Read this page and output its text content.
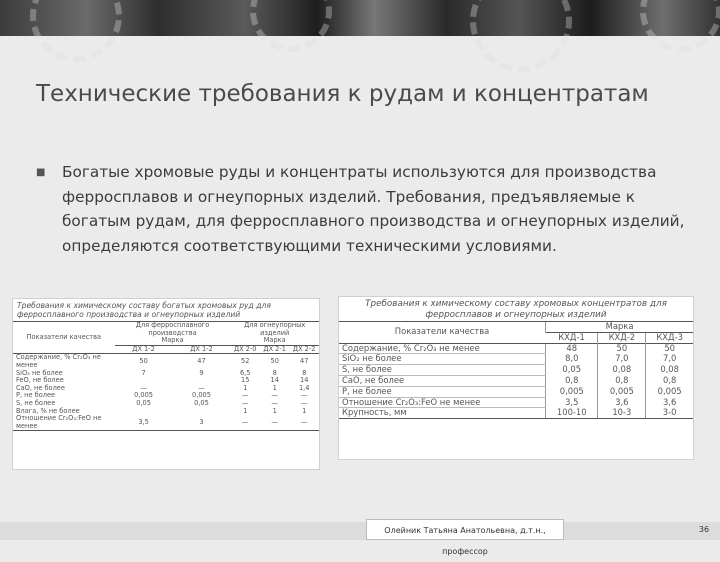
Технические требования к рудам и концентратам
■	Богатые хромовые руды и концентраты используются для производства ферросплавов и огнеупорных изделий. Требования, предъявляемые к богатым рудам, для ферросплавного производства и огнеупорных изделий, определяются соответствующими техническими условиями.
Требования к химическому составу богатых хромовых руд для ферросплавного производства и огнеупорных изделий
Показатели качества	Для ферросплавного производства
Марка		Для огнеупорных изделий
Марка		
	ДХ 1-2	ДХ 1-2	ДХ 2-0	ДХ 2-1	ДХ 2-2
Содержание, % Cr₂O₃ не менее	50	47	52	50	47
SiO₂ не более	7	9	6,5	8	8
FeO, не более			15	14	14
CaO, не более	—	—	1	1	1,4
P, не более	0,005	0,005	—	—	—
S, не более	0,05	0,05	—	—	—
Влага, % не более			1	1	1
Отношение Cr₂O₃:FeO не менее	3,5	3	—	—	—
Требования к химическому составу хромовых концентратов для ферросплавов и огнеупорных изделий
Показатели качества	Марка		
	КХД-1	КХД-2	КХД-3
Содержание, % Cr₂O₃ не менее	48	50	50
SiO₂ не более	8,0	7,0	7,0
S, не более	0,05	0,08	0,08
CaO, не более	0,8	0,8	0,8
P, не более	0,005	0,005	0,005
Отношение Cr₂O₃:FeO не менее	3,5	3,6	3,6
Крупность, мм	100-10	10-3	3-0
Олейник Татьяна Анатольевна, д.т.н., профессор
36
